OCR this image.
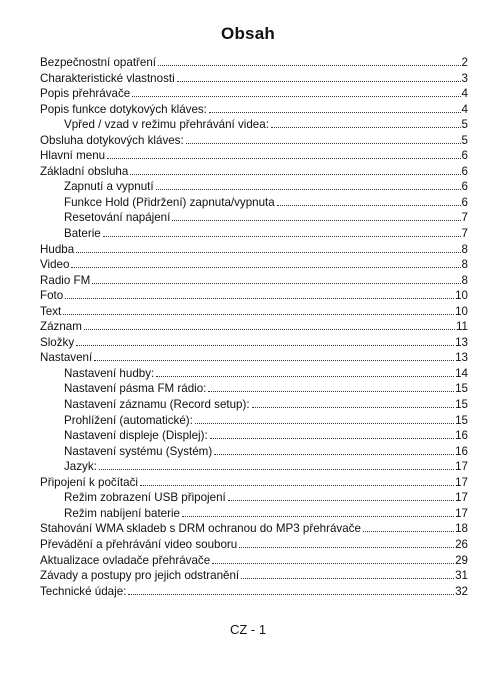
Obsah
Bezpečnostní opatření	2
Charakteristické vlastnosti	3
Popis přehrávače	4
Popis funkce dotykových kláves:	4
Vpřed / vzad v režimu přehrávání videa:	5
Obsluha dotykových kláves:	5
Hlavní menu	6
Základní obsluha	6
Zapnutí a vypnutí	6
Funkce Hold (Přidržení) zapnuta/vypnuta	6
Resetování napájení	7
Baterie	7
Hudba	8
Video	8
Radio FM	8
Foto	10
Text	10
Záznam	11
Složky	13
Nastavení	13
Nastavení hudby:	14
Nastavení pásma FM rádio:	15
Nastavení záznamu (Record setup):	15
Prohlížení (automatické):	15
Nastavení displeje (Displej):	16
Nastavení systému (Systém)	16
Jazyk:	17
Připojení k počítači	17
Režim zobrazení USB připojení	17
Režim nabíjení baterie	17
Stahování WMA skladeb s DRM ochranou do MP3 přehrávače	18
Převádění a přehrávání video souboru	26
Aktualizace ovladače přehrávače	29
Závady a postupy pro jejich odstranění	31
Technické údaje:	32
CZ - 1
